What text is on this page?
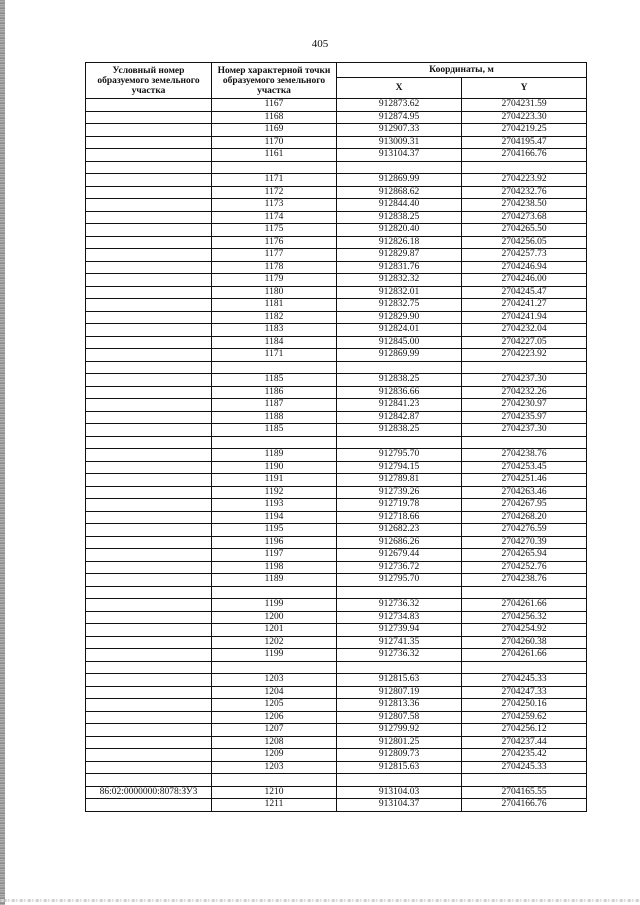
405
Условный номер образуемого земельного участка	Номер характерной точки образуемого земельного участка	Координаты, м	
		X	Y
	1167	912873.62	2704231.59
	1168	912874.95	2704223.30
	1169	912907.33	2704219.25
	1170	913009.31	2704195.47
	1161	913104.37	2704166.76

	1171	912869.99	2704223.92
	1172	912868.62	2704232.76
	1173	912844.40	2704238.50
	1174	912838.25	2704273.68
	1175	912820.40	2704265.50
	1176	912826.18	2704256.05
	1177	912829.87	2704257.73
	1178	912831.76	2704246.94
	1179	912832.32	2704246.00
	1180	912832.01	2704245.47
	1181	912832.75	2704241.27
	1182	912829.90	2704241.94
	1183	912824.01	2704232.04
	1184	912845.00	2704227.05
	1171	912869.99	2704223.92

	1185	912838.25	2704237.30
	1186	912836.66	2704232.26
	1187	912841.23	2704230.97
	1188	912842.87	2704235.97
	1185	912838.25	2704237.30

	1189	912795.70	2704238.76
	1190	912794.15	2704253.45
	1191	912789.81	2704251.46
	1192	912739.26	2704263.46
	1193	912719.78	2704267.95
	1194	912718.66	2704268.20
	1195	912682.23	2704276.59
	1196	912686.26	2704270.39
	1197	912679.44	2704265.94
	1198	912736.72	2704252.76
	1189	912795.70	2704238.76

	1199	912736.32	2704261.66
	1200	912734.83	2704256.32
	1201	912739.94	2704254.92
	1202	912741.35	2704260.38
	1199	912736.32	2704261.66

	1203	912815.63	2704245.33
	1204	912807.19	2704247.33
	1205	912813.36	2704250.16
	1206	912807.58	2704259.62
	1207	912799.92	2704256.12
	1208	912801.25	2704237.44
	1209	912809.73	2704235.42
	1203	912815.63	2704245.33

86:02:0000000:8078:ЗУ3	1210	913104.03	2704165.55
	1211	913104.37	2704166.76
